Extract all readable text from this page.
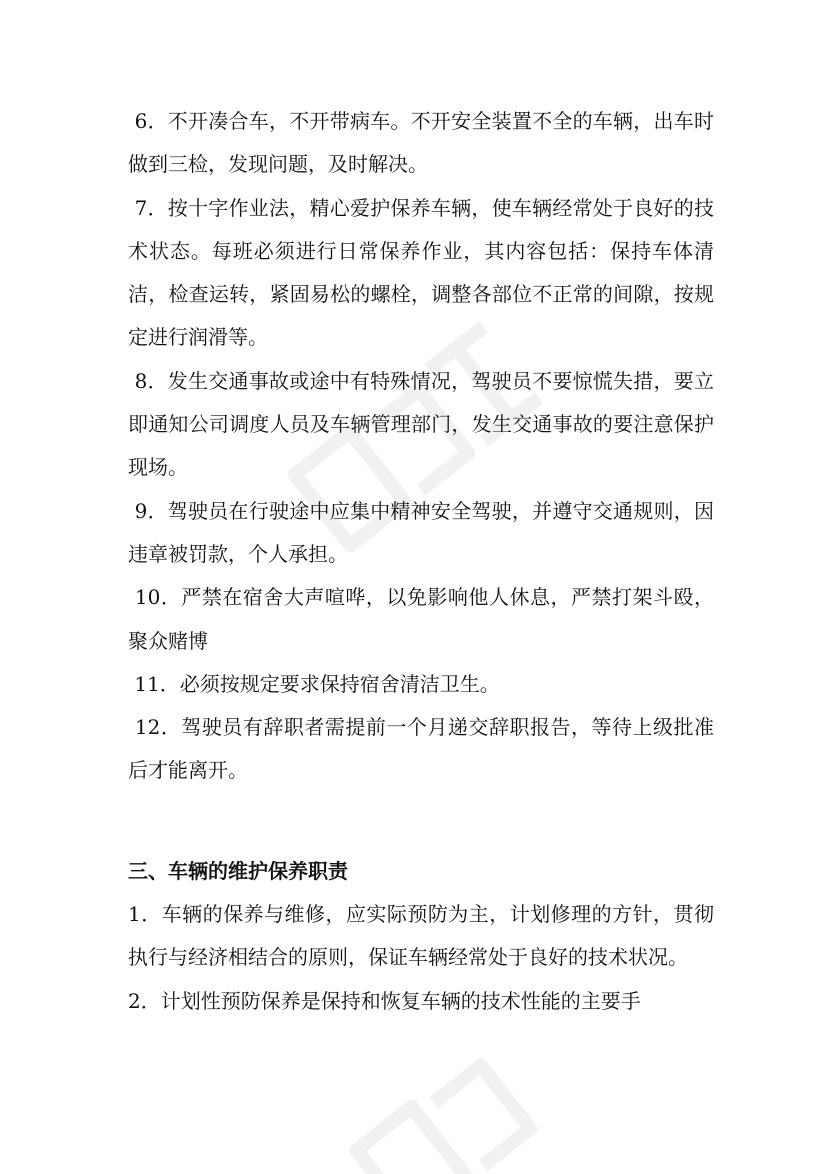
6．不开凑合车，不开带病车。不开安全装置不全的车辆，出车时做到三检，发现问题，及时解决。

7．按十字作业法，精心爱护保养车辆，使车辆经常处于良好的技术状态。每班必须进行日常保养作业，其内容包括：保持车体清洁，检查运转，紧固易松的螺栓，调整各部位不正常的间隙，按规定进行润滑等。

8．发生交通事故或途中有特殊情况，驾驶员不要惊慌失措，要立即通知公司调度人员及车辆管理部门，发生交通事故的要注意保护现场。

9．驾驶员在行驶途中应集中精神安全驾驶，并遵守交通规则，因违章被罚款，个人承担。

10．严禁在宿舍大声喧哗，以免影响他人休息，严禁打架斗殴，聚众赌博

11．必须按规定要求保持宿舍清洁卫生。

12．驾驶员有辞职者需提前一个月递交辞职报告，等待上级批准后才能离开。

三、车辆的维护保养职责

1．车辆的保养与维修，应实际预防为主，计划修理的方针，贯彻执行与经济相结合的原则，保证车辆经常处于良好的技术状况。

2．计划性预防保养是保持和恢复车辆的技术性能的主要手
